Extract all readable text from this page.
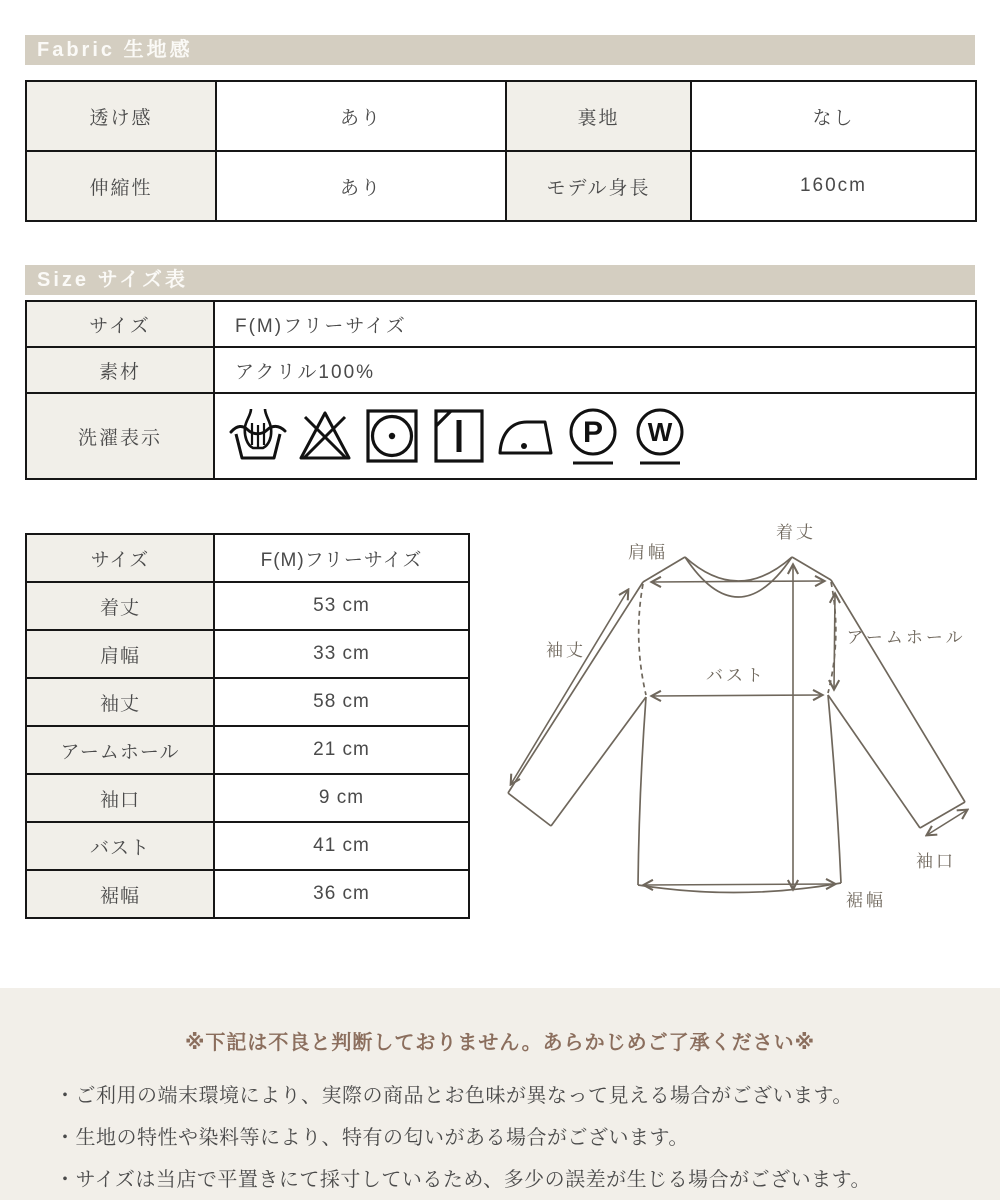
Fabric 生地感
透け感	あり	裏地	なし
伸縮性	あり	モデル身長	160cm
Size サイズ表
サイズ	F(M)フリーサイズ
素材	アクリル100%
洗濯表示	P W
サイズ	F(M)フリーサイズ
着丈	53 cm
肩幅	33 cm
袖丈	58 cm
アームホール	21 cm
袖口	9 cm
バスト	41 cm
裾幅	36 cm
肩幅
着丈
袖丈
アームホール
バスト
袖口
裾幅
※下記は不良と判断しておりません。あらかじめご了承ください※
・ご利用の端末環境により、実際の商品とお色味が異なって見える場合がございます。
・生地の特性や染料等により、特有の匂いがある場合がございます。
・サイズは当店で平置きにて採寸しているため、多少の誤差が生じる場合がございます。
